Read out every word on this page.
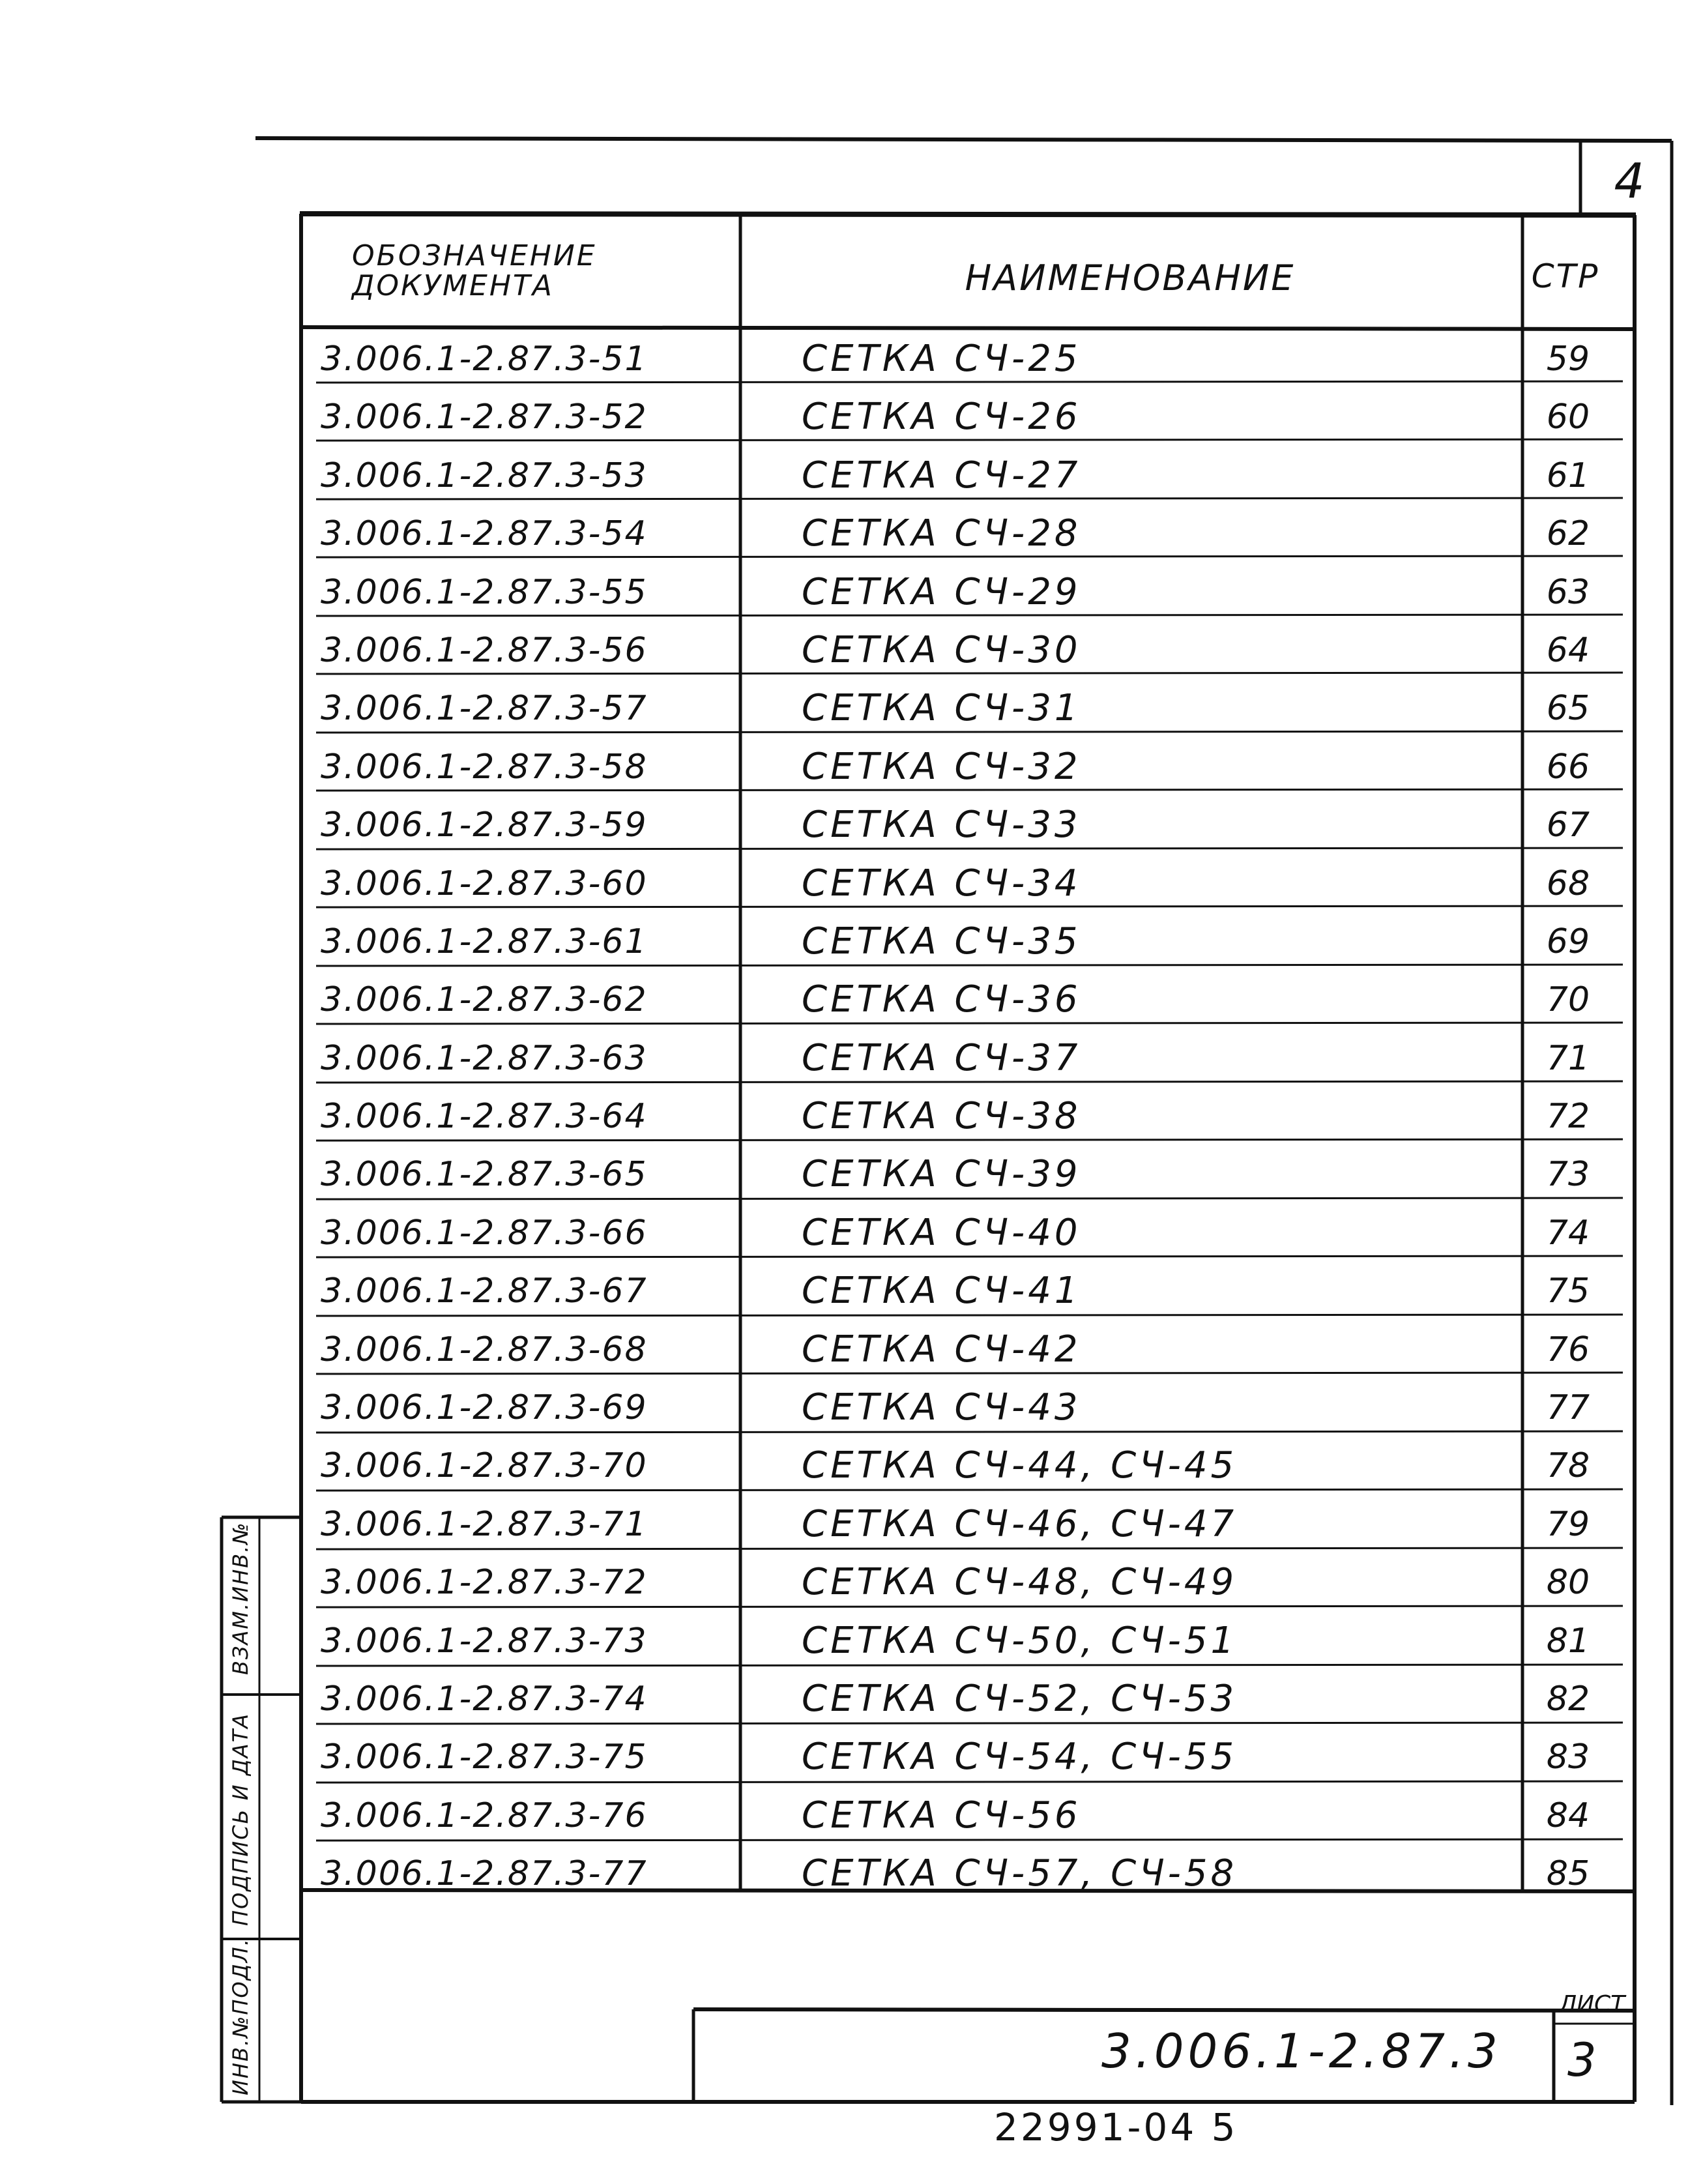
4
ОБОЗНАЧЕНИЕ
ДОКУМЕНТА	НАИМЕНОВАНИЕ	СТР
3.006.1-2.87.3-51	СЕТКА СЧ-25	59
3.006.1-2.87.3-52	СЕТКА СЧ-26	60
3.006.1-2.87.3-53	СЕТКА СЧ-27	61
3.006.1-2.87.3-54	СЕТКА СЧ-28	62
3.006.1-2.87.3-55	СЕТКА СЧ-29	63
3.006.1-2.87.3-56	СЕТКА СЧ-30	64
3.006.1-2.87.3-57	СЕТКА СЧ-31	65
3.006.1-2.87.3-58	СЕТКА СЧ-32	66
3.006.1-2.87.3-59	СЕТКА СЧ-33	67
3.006.1-2.87.3-60	СЕТКА СЧ-34	68
3.006.1-2.87.3-61	СЕТКА СЧ-35	69
3.006.1-2.87.3-62	СЕТКА СЧ-36	70
3.006.1-2.87.3-63	СЕТКА СЧ-37	71
3.006.1-2.87.3-64	СЕТКА СЧ-38	72
3.006.1-2.87.3-65	СЕТКА СЧ-39	73
3.006.1-2.87.3-66	СЕТКА СЧ-40	74
3.006.1-2.87.3-67	СЕТКА СЧ-41	75
3.006.1-2.87.3-68	СЕТКА СЧ-42	76
3.006.1-2.87.3-69	СЕТКА СЧ-43	77
3.006.1-2.87.3-70	СЕТКА СЧ-44, СЧ-45	78
3.006.1-2.87.3-71	СЕТКА СЧ-46, СЧ-47	79
3.006.1-2.87.3-72	СЕТКА СЧ-48, СЧ-49	80
3.006.1-2.87.3-73	СЕТКА СЧ-50, СЧ-51	81
3.006.1-2.87.3-74	СЕТКА СЧ-52, СЧ-53	82
3.006.1-2.87.3-75	СЕТКА СЧ-54, СЧ-55	83
3.006.1-2.87.3-76	СЕТКА СЧ-56	84
3.006.1-2.87.3-77	СЕТКА СЧ-57, СЧ-58	85
ИНВ.№ПОДЛ.
ПОДПИСЬ И ДАТА
ВЗАМ.ИНВ.№
3.006.1-2.87.3
ЛИСТ
3
22991-04 5
